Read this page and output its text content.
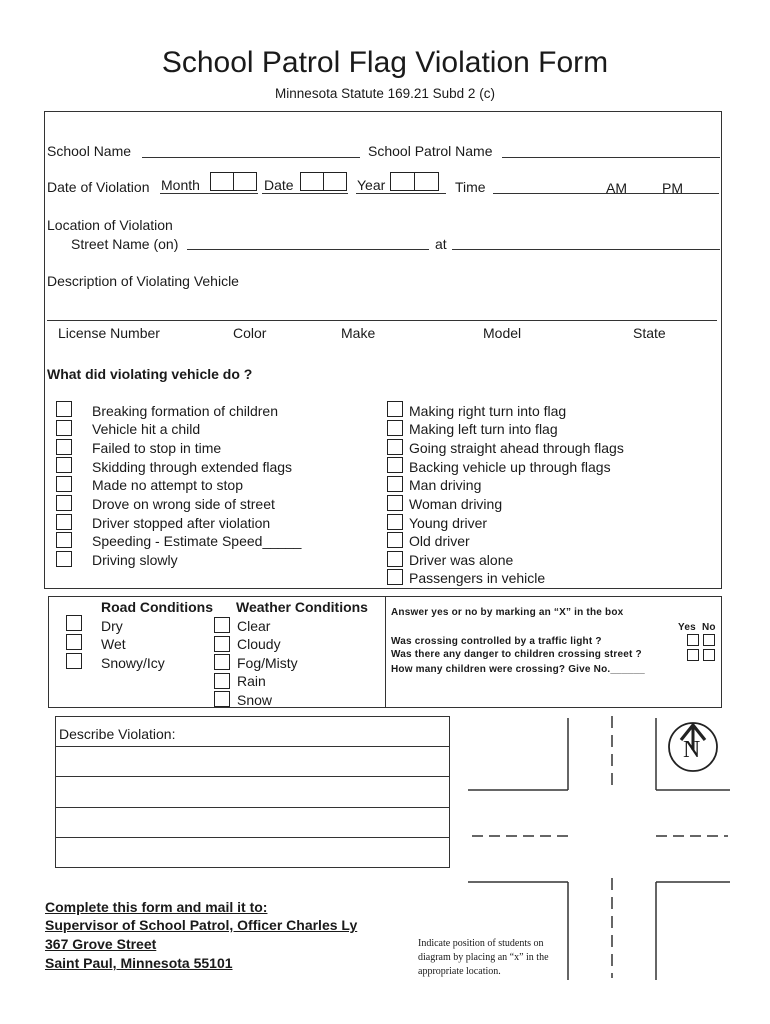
School Patrol Flag Violation Form
Minnesota Statute 169.21 Subd 2 (c)
School Name	School Patrol Name
Date of Violation Month	Date	Year	Time	AM	PM
Location of Violation
Street Name (on)	at
Description of Violating Vehicle
License Number	Color	Make	Model	State
What did violating vehicle do ?
Breaking formation of children
Vehicle hit a child
Failed to stop in time
Skidding through extended flags
Made no attempt to stop
Drove on wrong side of street
Driver stopped after violation
Speeding - Estimate Speed_____
Driving slowly
Making right turn into flag
Making left turn into flag
Going straight ahead through flags
Backing vehicle up through flags
Man driving
Woman driving
Young driver
Old driver
Driver was alone
Passengers in vehicle
Road Conditions
Dry
Wet
Snowy/Icy
Weather Conditions
Clear
Cloudy
Fog/Misty
Rain
Snow
Answer yes or no by marking an “X” in the box
Yes No
Was crossing controlled by a traffic light ?
Was there any danger to children crossing street ?
How many children were crossing? Give No.______
Describe Violation:
Complete this form and mail it to:
Supervisor of School Patrol, Officer Charles Ly
367 Grove Street
Saint Paul, Minnesota 55101
N
Indicate position of students on
diagram by placing an “x” in the
appropriate location.
